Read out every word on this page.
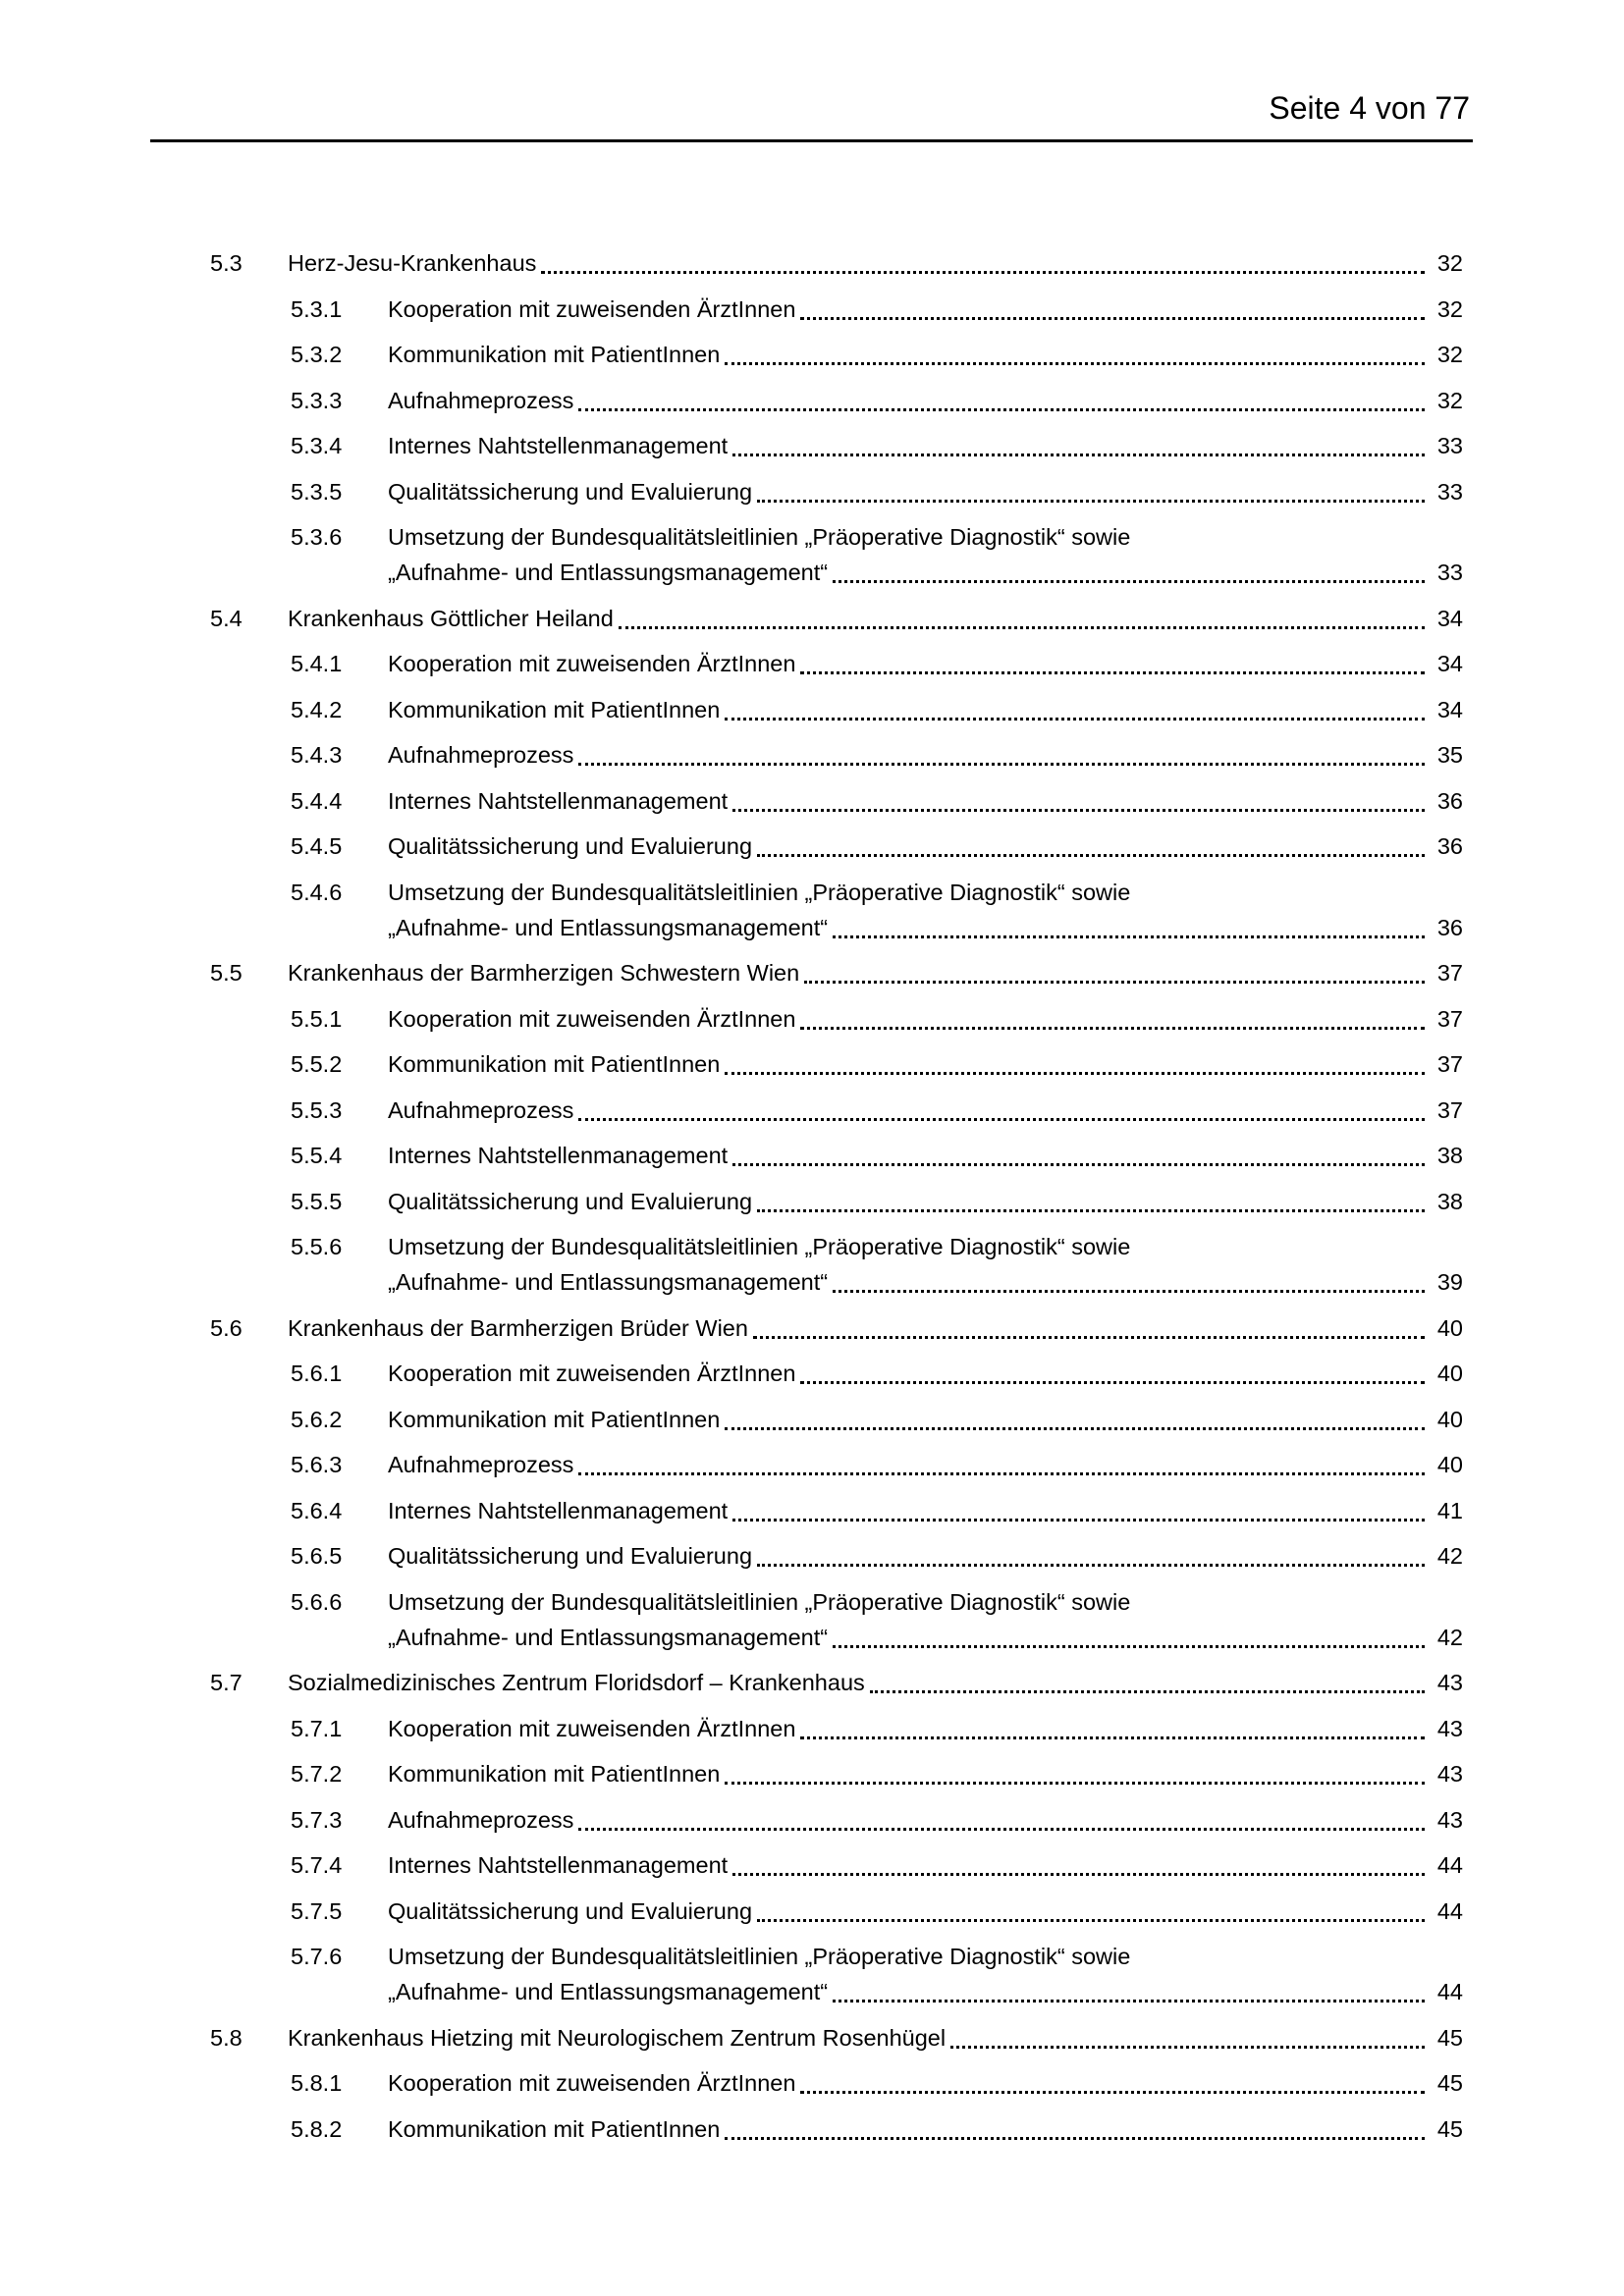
Seite 4 von 77
5.3	Herz-Jesu-Krankenhaus	32
5.3.1	Kooperation mit zuweisenden ÄrztInnen	32
5.3.2	Kommunikation mit PatientInnen	32
5.3.3	Aufnahmeprozess	32
5.3.4	Internes Nahtstellenmanagement	33
5.3.5	Qualitätssicherung und Evaluierung	33
5.3.6	Umsetzung der Bundesqualitätsleitlinien „Präoperative Diagnostik“ sowie
„Aufnahme- und Entlassungsmanagement“	33
5.4	Krankenhaus Göttlicher Heiland	34
5.4.1	Kooperation mit zuweisenden ÄrztInnen	34
5.4.2	Kommunikation mit PatientInnen	34
5.4.3	Aufnahmeprozess	35
5.4.4	Internes Nahtstellenmanagement	36
5.4.5	Qualitätssicherung und Evaluierung	36
5.4.6	Umsetzung der Bundesqualitätsleitlinien „Präoperative Diagnostik“ sowie
„Aufnahme- und Entlassungsmanagement“	36
5.5	Krankenhaus der Barmherzigen Schwestern Wien	37
5.5.1	Kooperation mit zuweisenden ÄrztInnen	37
5.5.2	Kommunikation mit PatientInnen	37
5.5.3	Aufnahmeprozess	37
5.5.4	Internes Nahtstellenmanagement	38
5.5.5	Qualitätssicherung und Evaluierung	38
5.5.6	Umsetzung der Bundesqualitätsleitlinien „Präoperative Diagnostik“ sowie
„Aufnahme- und Entlassungsmanagement“	39
5.6	Krankenhaus der Barmherzigen Brüder Wien	40
5.6.1	Kooperation mit zuweisenden ÄrztInnen	40
5.6.2	Kommunikation mit PatientInnen	40
5.6.3	Aufnahmeprozess	40
5.6.4	Internes Nahtstellenmanagement	41
5.6.5	Qualitätssicherung und Evaluierung	42
5.6.6	Umsetzung der Bundesqualitätsleitlinien „Präoperative Diagnostik“ sowie
„Aufnahme- und Entlassungsmanagement“	42
5.7	Sozialmedizinisches Zentrum Floridsdorf – Krankenhaus	43
5.7.1	Kooperation mit zuweisenden ÄrztInnen	43
5.7.2	Kommunikation mit PatientInnen	43
5.7.3	Aufnahmeprozess	43
5.7.4	Internes Nahtstellenmanagement	44
5.7.5	Qualitätssicherung und Evaluierung	44
5.7.6	Umsetzung der Bundesqualitätsleitlinien „Präoperative Diagnostik“ sowie
„Aufnahme- und Entlassungsmanagement“	44
5.8	Krankenhaus Hietzing mit Neurologischem Zentrum Rosenhügel	45
5.8.1	Kooperation mit zuweisenden ÄrztInnen	45
5.8.2	Kommunikation mit PatientInnen	45
